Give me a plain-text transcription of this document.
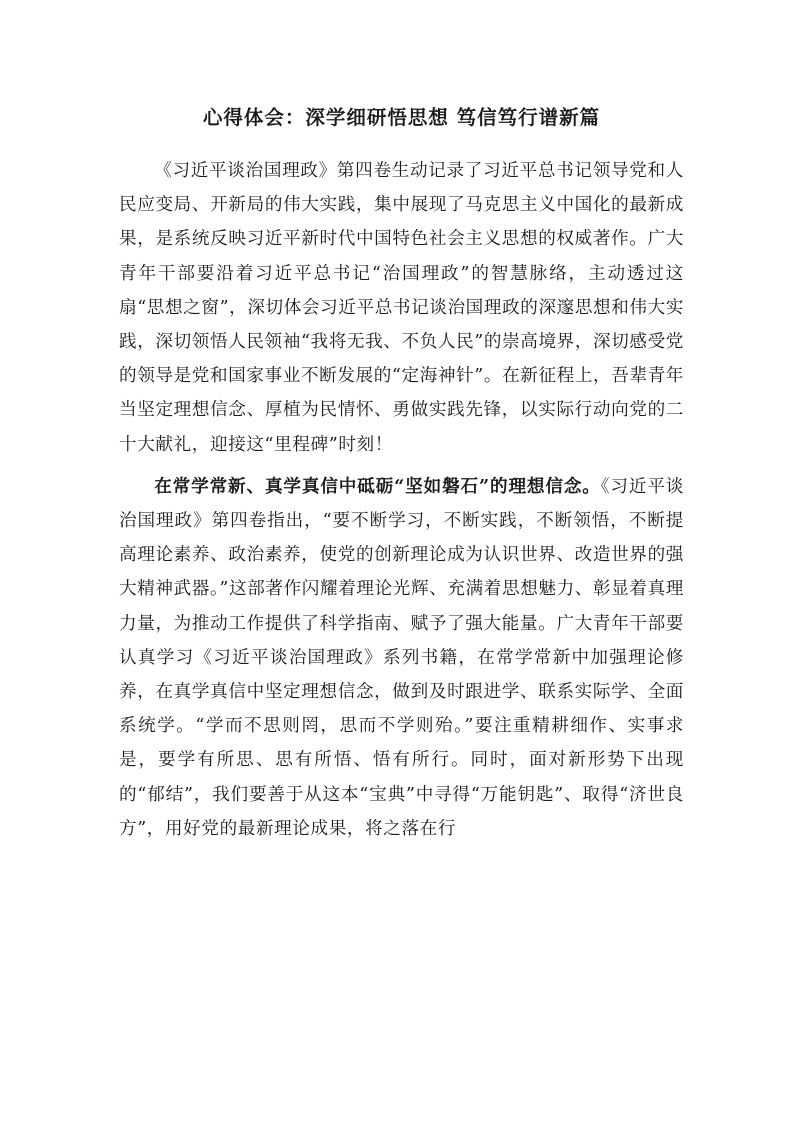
心得体会：深学细研悟思想 笃信笃行谱新篇

《习近平谈治国理政》第四卷生动记录了习近平总书记领导党和人民应变局、开新局的伟大实践，集中展现了马克思主义中国化的最新成果，是系统反映习近平新时代中国特色社会主义思想的权威著作。广大青年干部要沿着习近平总书记“治国理政”的智慧脉络，主动透过这扇“思想之窗”，深切体会习近平总书记谈治国理政的深邃思想和伟大实践，深切领悟人民领袖“我将无我、不负人民”的崇高境界，深切感受党的领导是党和国家事业不断发展的“定海神针”。在新征程上，吾辈青年当坚定理想信念、厚植为民情怀、勇做实践先锋，以实际行动向党的二十大献礼，迎接这“里程碑”时刻！

在常学常新、真学真信中砥砺“坚如磐石”的理想信念。《习近平谈治国理政》第四卷指出，“要不断学习，不断实践，不断领悟，不断提高理论素养、政治素养，使党的创新理论成为认识世界、改造世界的强大精神武器。”这部著作闪耀着理论光辉、充满着思想魅力、彰显着真理力量，为推动工作提供了科学指南、赋予了强大能量。广大青年干部要认真学习《习近平谈治国理政》系列书籍，在常学常新中加强理论修养，在真学真信中坚定理想信念，做到及时跟进学、联系实际学、全面系统学。“学而不思则罔，思而不学则殆。”要注重精耕细作、实事求是，要学有所思、思有所悟、悟有所行。同时，面对新形势下出现的“郁结”，我们要善于从这本“宝典”中寻得“万能钥匙”、取得“济世良方”，用好党的最新理论成果，将之落在行
